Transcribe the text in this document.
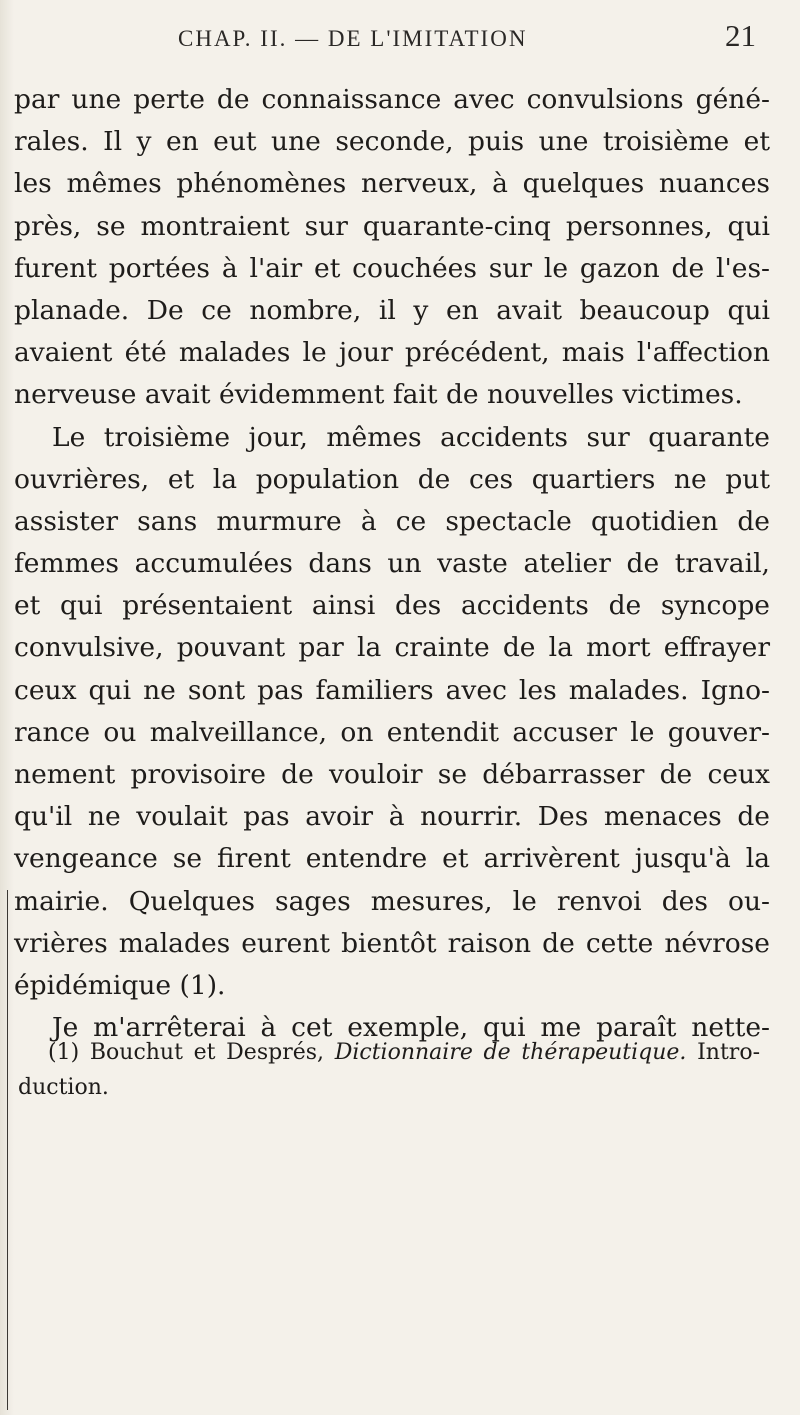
CHAP. II. — DE L'IMITATION	21
par une perte de connaissance avec convulsions géné-
rales. Il y en eut une seconde, puis une troisième et
les mêmes phénomènes nerveux, à quelques nuances
près, se montraient sur quarante-cinq personnes, qui
furent portées à l'air et couchées sur le gazon de l'es-
planade. De ce nombre, il y en avait beaucoup qui
avaient été malades le jour précédent, mais l'affection
nerveuse avait évidemment fait de nouvelles victimes.
Le troisième jour, mêmes accidents sur quarante
ouvrières, et la population de ces quartiers ne put
assister sans murmure à ce spectacle quotidien de
femmes accumulées dans un vaste atelier de travail,
et qui présentaient ainsi des accidents de syncope
convulsive, pouvant par la crainte de la mort effrayer
ceux qui ne sont pas familiers avec les malades. Igno-
rance ou malveillance, on entendit accuser le gouver-
nement provisoire de vouloir se débarrasser de ceux
qu'il ne voulait pas avoir à nourrir. Des menaces de
vengeance se firent entendre et arrivèrent jusqu'à la
mairie. Quelques sages mesures, le renvoi des ou-
vrières malades eurent bientôt raison de cette névrose
épidémique (1).
Je m'arrêterai à cet exemple, qui me paraît nette-
(1) Bouchut et Després, Dictionnaire de thérapeutique. Intro-
duction.
